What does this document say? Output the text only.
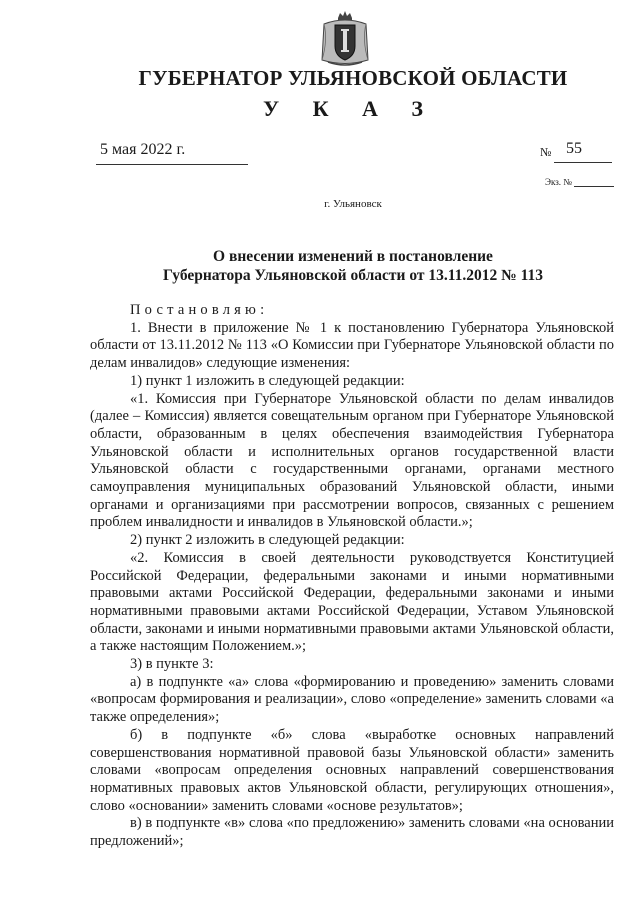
ГУБЕРНАТОР УЛЬЯНОВСКОЙ ОБЛАСТИ
У К А З
5 мая 2022 г.	№ 55
Экз. №
г. Ульяновск
О внесении изменений в постановление
Губернатора Ульяновской области от 13.11.2012 № 113

Постановляю:

1. Внести в приложение № 1 к постановлению Губернатора Ульяновской области от 13.11.2012 № 113 «О Комиссии при Губернаторе Ульяновской области по делам инвалидов» следующие изменения:

1) пункт 1 изложить в следующей редакции:

«1. Комиссия при Губернаторе Ульяновской области по делам инвалидов (далее – Комиссия) является совещательным органом при Губернаторе Ульяновской области, образованным в целях обеспечения взаимодействия Губернатора Ульяновской области и исполнительных органов государственной власти Ульяновской области с государственными органами, органами местного самоуправления муниципальных образований Ульяновской области, иными органами и организациями при рассмотрении вопросов, связанных с решением проблем инвалидности и инвалидов в Ульяновской области.»;

2) пункт 2 изложить в следующей редакции:

«2. Комиссия в своей деятельности руководствуется Конституцией Российской Федерации, федеральными законами и иными нормативными правовыми актами Российской Федерации, федеральными законами и иными нормативными правовыми актами Российской Федерации, Уставом Ульяновской области, законами и иными нормативными правовыми актами Ульяновской области, а также настоящим Положением.»;

3) в пункте 3:

а) в подпункте «а» слова «формированию и проведению» заменить словами «вопросам формирования и реализации», слово «определение» заменить словами «а также определения»;

б) в подпункте «б» слова «выработке основных направлений совершенствования нормативной правовой базы Ульяновской области» заменить словами «вопросам определения основных направлений совершенствования нормативных правовых актов Ульяновской области, регулирующих отношения», слово «основании» заменить словами «основе результатов»;

в) в подпункте «в» слова «по предложению» заменить словами «на основании предложений»;
